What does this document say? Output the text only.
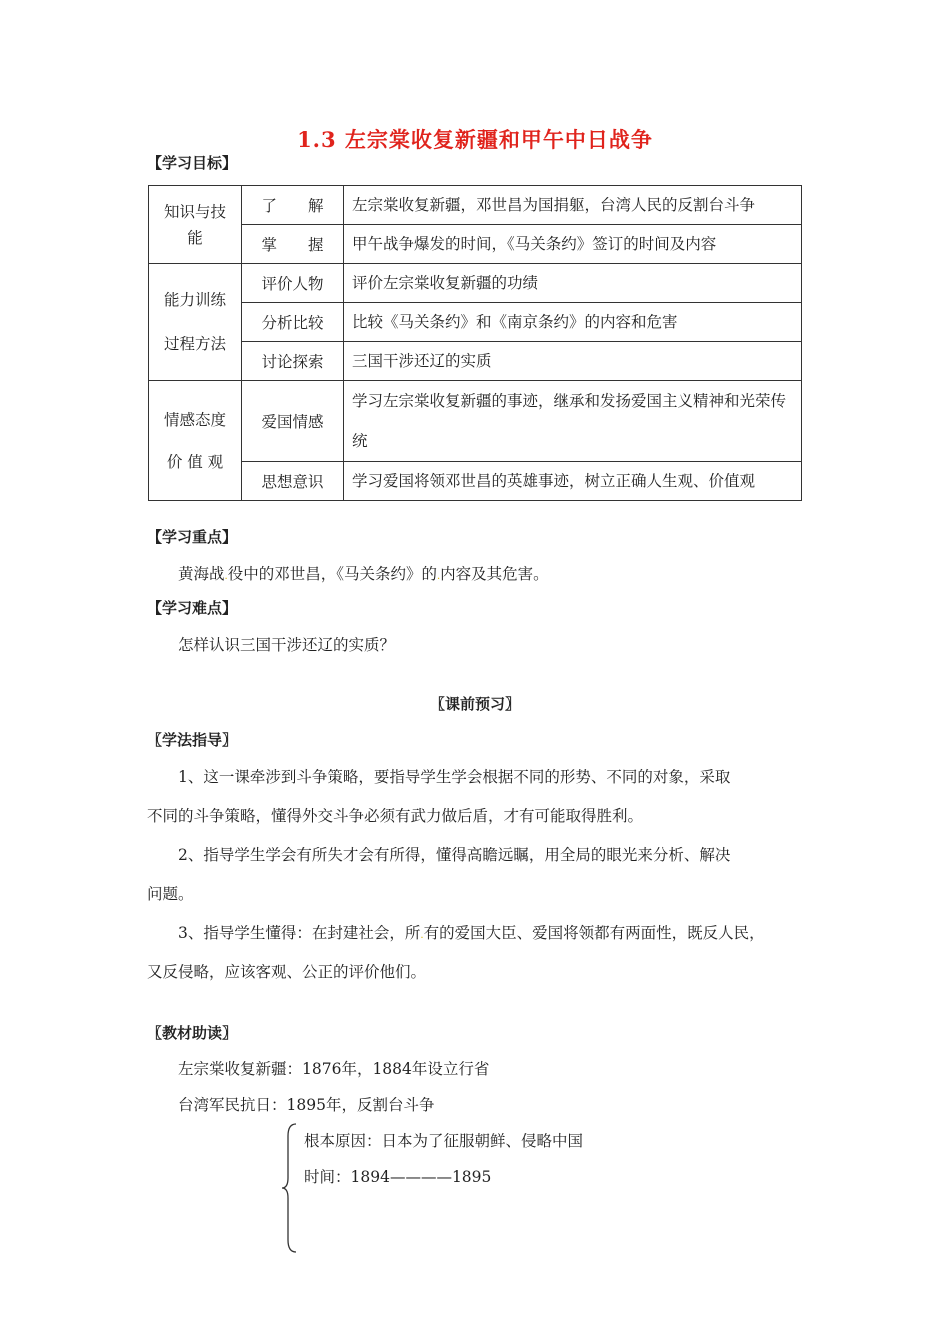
1.3 左宗棠收复新疆和甲午中日战争
【学习目标】
知识与技
能	了　　解	左宗棠收复新疆，邓世昌为国捐躯，台湾人民的反割台斗争
	掌　　握	甲午战争爆发的时间，《马关条约》签订的时间及内容

能力训练
过程方法	评价人物	评价左宗棠收复新疆的功绩
	分析比较	比较《马关条约》和《南京条约》的内容和危害
	讨论探索	三国干涉还辽的实质

情感态度
价 值 观	爱国情感	学习左宗棠收复新疆的事迹，继承和发扬爱国主义精神和光荣传统
	思想意识	学习爱国将领邓世昌的英雄事迹，树立正确人生观、价值观
【学习重点】
黄海战.役中的邓世昌，《马关条约》的.内容及其危害。
【学习难点】
怎样认识三国干涉还辽的实质？
〖课前预习〗
〖学法指导〗
1、这一课牵涉到斗争策略，要指导学生学会根据不同的形势、不同的对象，采取
不同的斗争策略，懂得外交斗争必须有武力做后盾，才有可能取得胜利。
2、指导学生学会有所失才会有所得，懂得高瞻远瞩，用全局的眼光来分析、解决
问题。
3、指导学生懂得：在封建社会，所.有的爱国大臣、爱国将领都有两面性，既反人民，
又反侵略，应该客观、公正的评价他们。
〖教材助读〗
左宗棠收复新疆：1876年，1884年设立行省
台湾军民抗日：1895年，反割台斗争
根本原因：日本为了征服朝鲜、侵略中国
时间：1894————1895
